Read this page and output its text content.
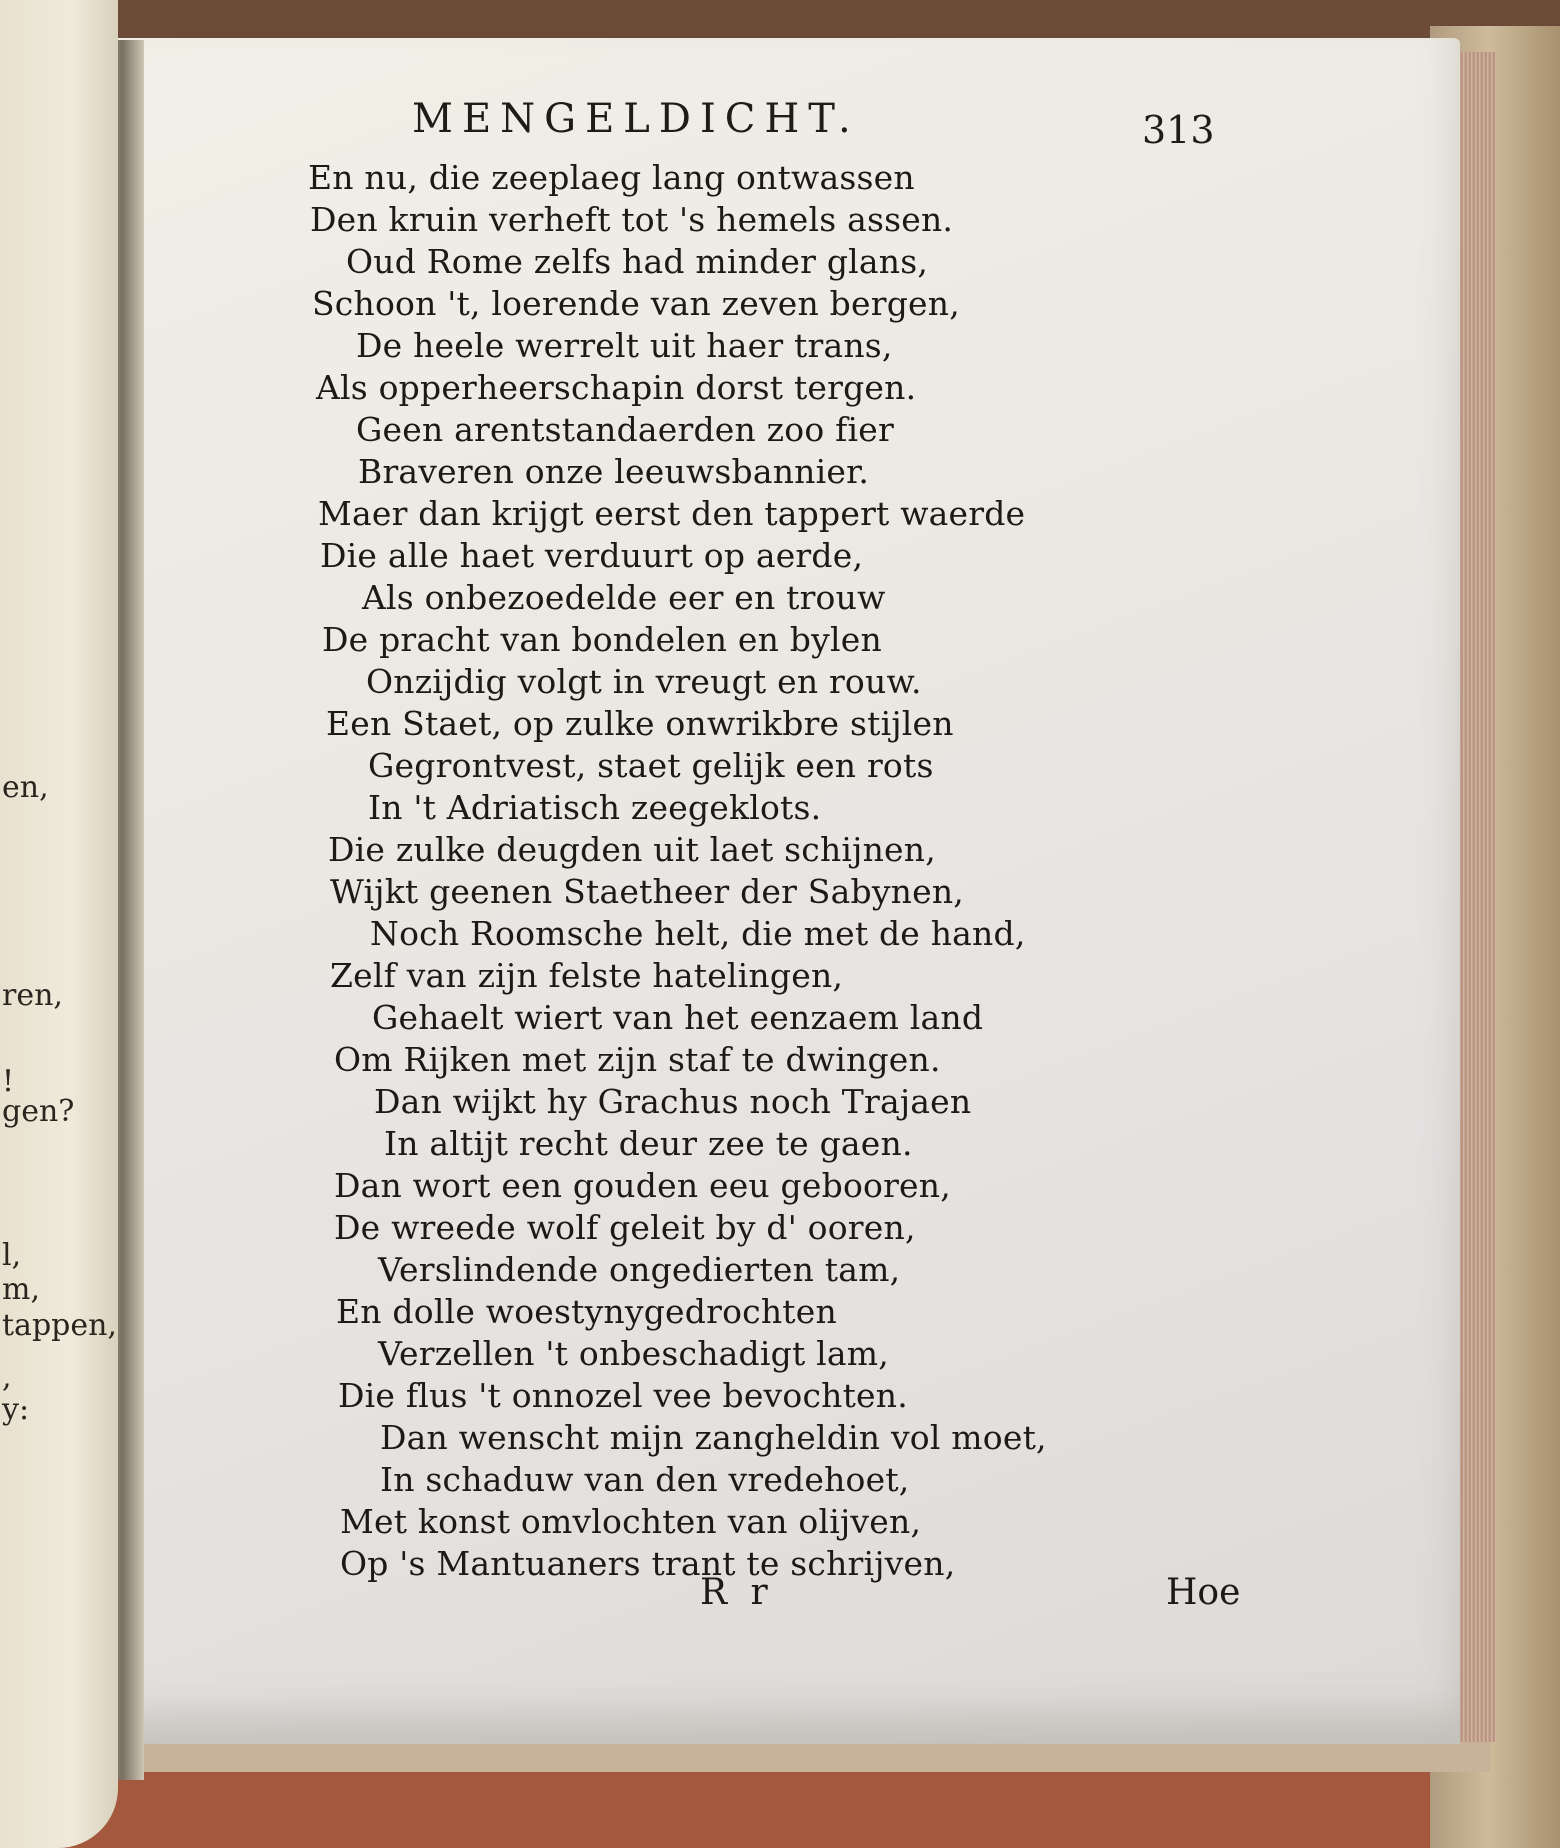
en,
ren,
!
gen?
l,
m,
tappen,
,
y:
MENGELDICHT.	313
En nu, die zeeplaeg lang ontwassen
Den kruin verheft tot 's hemels assen.
Oud Rome zelfs had minder glans,
Schoon 't, loerende van zeven bergen,
De heele werrelt uit haer trans,
Als opperheerschapin dorst tergen.
Geen arentstandaerden zoo fier
Braveren onze leeuwsbannier.
Maer dan krijgt eerst den tappert waerde
Die alle haet verduurt op aerde,
Als onbezoedelde eer en trouw
De pracht van bondelen en bylen
Onzijdig volgt in vreugt en rouw.
Een Staet, op zulke onwrikbre stijlen
Gegrontvest, staet gelijk een rots
In 't Adriatisch zeegeklots.
Die zulke deugden uit laet schijnen,
Wijkt geenen Staetheer der Sabynen,
Noch Roomsche helt, die met de hand,
Zelf van zijn felste hatelingen,
Gehaelt wiert van het eenzaem land
Om Rijken met zijn staf te dwingen.
Dan wijkt hy Grachus noch Trajaen
In altijt recht deur zee te gaen.
Dan wort een gouden eeu gebooren,
De wreede wolf geleit by d' ooren,
Verslindende ongedierten tam,
En dolle woestynygedrochten
Verzellen 't onbeschadigt lam,
Die flus 't onnozel vee bevochten.
Dan wenscht mijn zangheldin vol moet,
In schaduw van den vredehoet,
Met konst omvlochten van olijven,
Op 's Mantuaners trant te schrijven,
R r	Hoe
